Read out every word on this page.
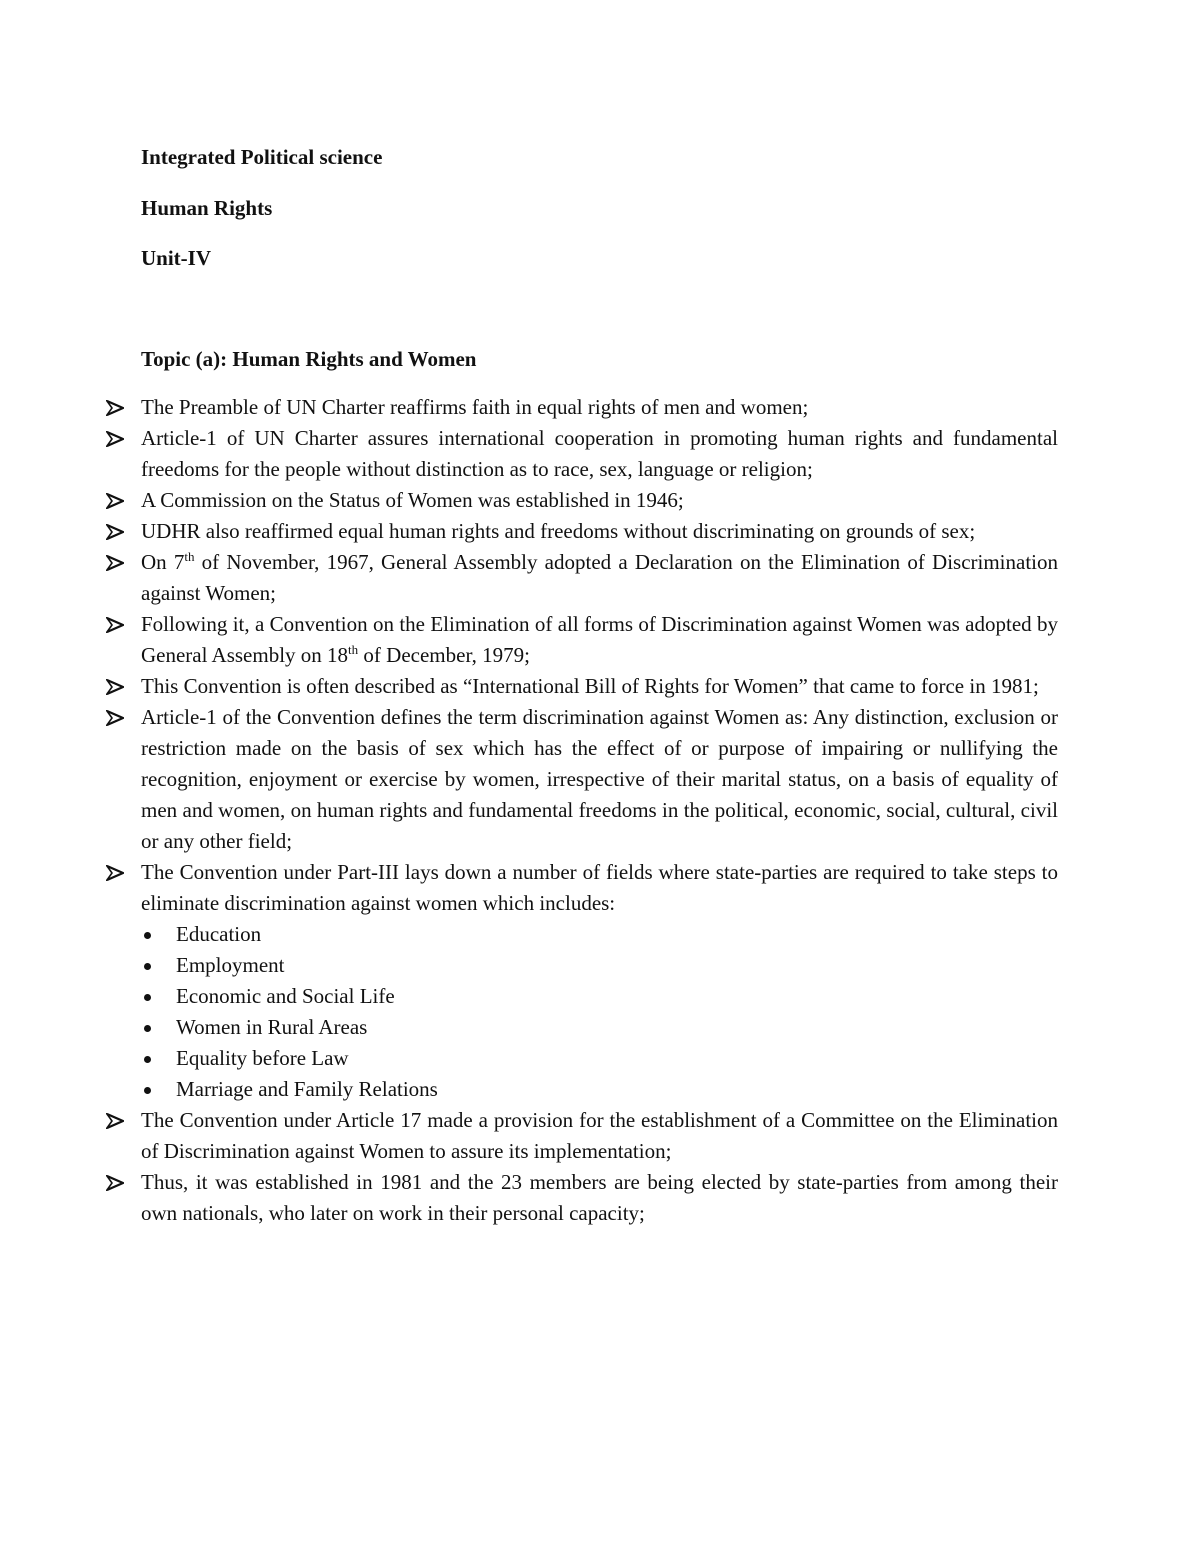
Integrated Political science

Human Rights

Unit-IV

Topic (a): Human Rights and Women

The Preamble of UN Charter reaffirms faith in equal rights of men and women;
Article-1 of UN Charter assures international cooperation in promoting human rights and fundamental freedoms for the people without distinction as to race, sex, language or religion;
A Commission on the Status of Women was established in 1946;
UDHR also reaffirmed equal human rights and freedoms without discriminating on grounds of sex;
On 7th of November, 1967, General Assembly adopted a Declaration on the Elimination of Discrimination against Women;
Following it, a Convention on the Elimination of all forms of Discrimination against Women was adopted by General Assembly on 18th of December, 1979;
This Convention is often described as “International Bill of Rights for Women” that came to force in 1981;
Article-1 of the Convention defines the term discrimination against Women as: Any distinction, exclusion or restriction made on the basis of sex which has the effect of or purpose of impairing or nullifying the recognition, enjoyment or exercise by women, irrespective of their marital status, on a basis of equality of men and women, on human rights and fundamental freedoms in the political, economic, social, cultural, civil or any other field;
The Convention under Part-III lays down a number of fields where state-parties are required to take steps to eliminate discrimination against women which includes:
Education
Employment
Economic and Social Life
Women in Rural Areas
Equality before Law
Marriage and Family Relations
The Convention under Article 17 made a provision for the establishment of a Committee on the Elimination of Discrimination against Women to assure its implementation;
Thus, it was established in 1981 and the 23 members are being elected by state-parties from among their own nationals, who later on work in their personal capacity;
